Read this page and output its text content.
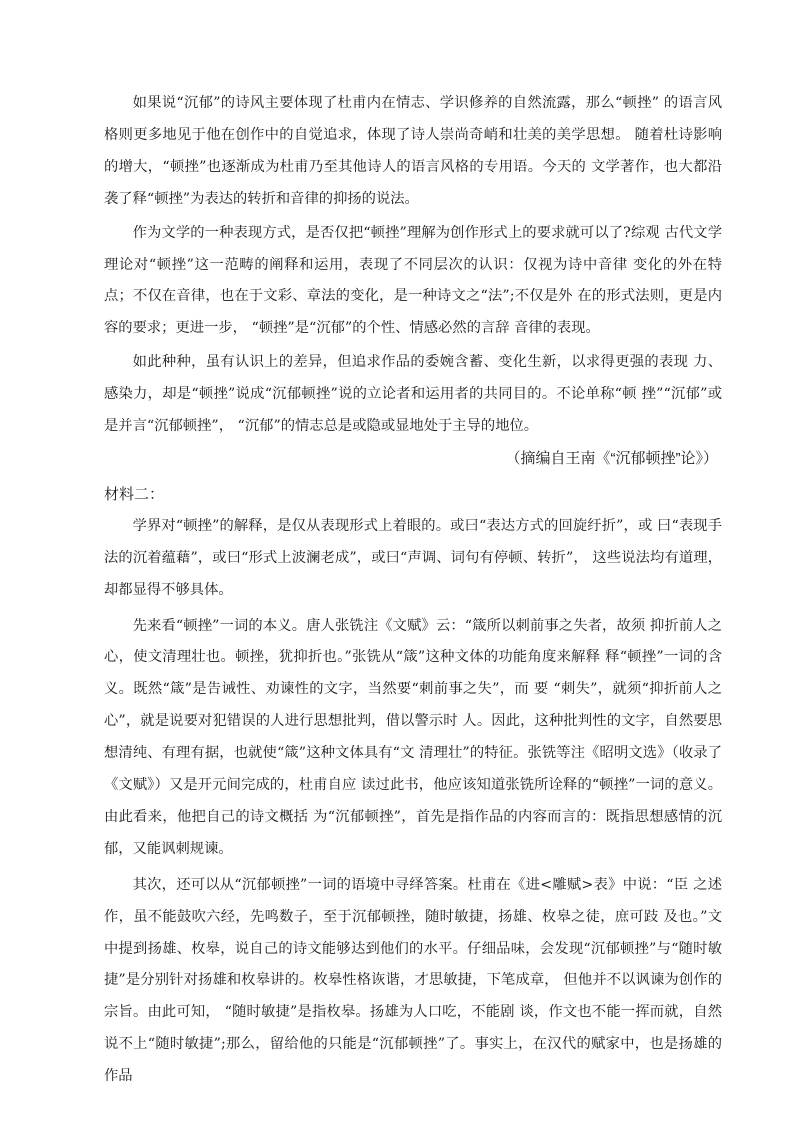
如果说“沉郁”的诗风主要体现了杜甫内在情志、学识修养的自然流露，那么“顿挫” 的语言风格则更多地见于他在创作中的自觉追求，体现了诗人崇尚奇峭和壮美的美学思想。 随着杜诗影响的增大，“顿挫”也逐渐成为杜甫乃至其他诗人的语言风格的专用语。今天的 文学著作，也大都沿袭了释“顿挫”为表达的转折和音律的抑扬的说法。

作为文学的一种表现方式，是否仅把“顿挫”理解为创作形式上的要求就可以了?综观 古代文学理论对“顿挫”这一范畴的阐释和运用，表现了不同层次的认识：仅视为诗中音律 变化的外在特点；不仅在音律，也在于文彩、章法的变化，是一种诗文之“法”;不仅是外 在的形式法则，更是内容的要求；更进一步， “顿挫”是“沉郁”的个性、情感必然的言辞 音律的表现。

如此种种，虽有认识上的差异，但追求作品的委婉含蓄、变化生新，以求得更强的表现 力、感染力，却是“顿挫”说成“沉郁顿挫”说的立论者和运用者的共同目的。不论单称“顿 挫”“沉郁”或是并言“沉郁顿挫”， “沉郁”的情志总是或隐或显地处于主导的地位。

（摘编自王南《“沉郁顿挫”论》）

材料二：

学界对“顿挫”的解释，是仅从表现形式上着眼的。或曰“表达方式的回旋纡折”，或 曰“表现手法的沉着蕴藉”，或曰“形式上波澜老成”，或曰“声调、词句有停顿、转折”， 这些说法均有道理，却都显得不够具体。

先来看“顿挫”一词的本义。唐人张铣注《文赋》云：“箴所以刺前事之失者，故须 抑折前人之心，使文清理壮也。顿挫，犹抑折也。”张铣从“箴”这种文体的功能角度来解释 释“顿挫”一词的含义。既然“箴”是告诫性、劝谏性的文字，当然要“刺前事之失”，而 要 “刺失”，就须“抑折前人之心”，就是说要对犯错误的人进行思想批判，借以警示时 人。因此，这种批判性的文字，自然要思想清纯、有理有据，也就使“箴”这种文体具有“文 清理壮”的特征。张铣等注《昭明文选》（收录了《文赋》）又是开元间完成的，杜甫自应 读过此书，他应该知道张铣所诠释的“顿挫”一词的意义。由此看来，他把自己的诗文概括 为“沉郁顿挫”，首先是指作品的内容而言的：既指思想感情的沉郁，又能讽刺规谏。

其次，还可以从“沉郁顿挫”一词的语境中寻绎答案。杜甫在《进<雕赋>表》中说：“臣 之述作，虽不能鼓吹六经，先鸣数子，至于沉郁顿挫，随时敏捷，扬雄、枚皋之徒，庶可跂 及也。”文中提到扬雄、枚皋，说自己的诗文能够达到他们的水平。仔细品味，会发现“沉郁顿挫”与“随时敏捷”是分别针对扬雄和枚皋讲的。枚皋性格诙谐，才思敏捷，下笔成章， 但他并不以讽谏为创作的宗旨。由此可知， “随时敏捷”是指枚皋。扬雄为人口吃，不能剧 谈，作文也不能一挥而就，自然说不上“随时敏捷”;那么，留给他的只能是“沉郁顿挫”了。事实上，在汉代的赋家中，也是扬雄的作品
